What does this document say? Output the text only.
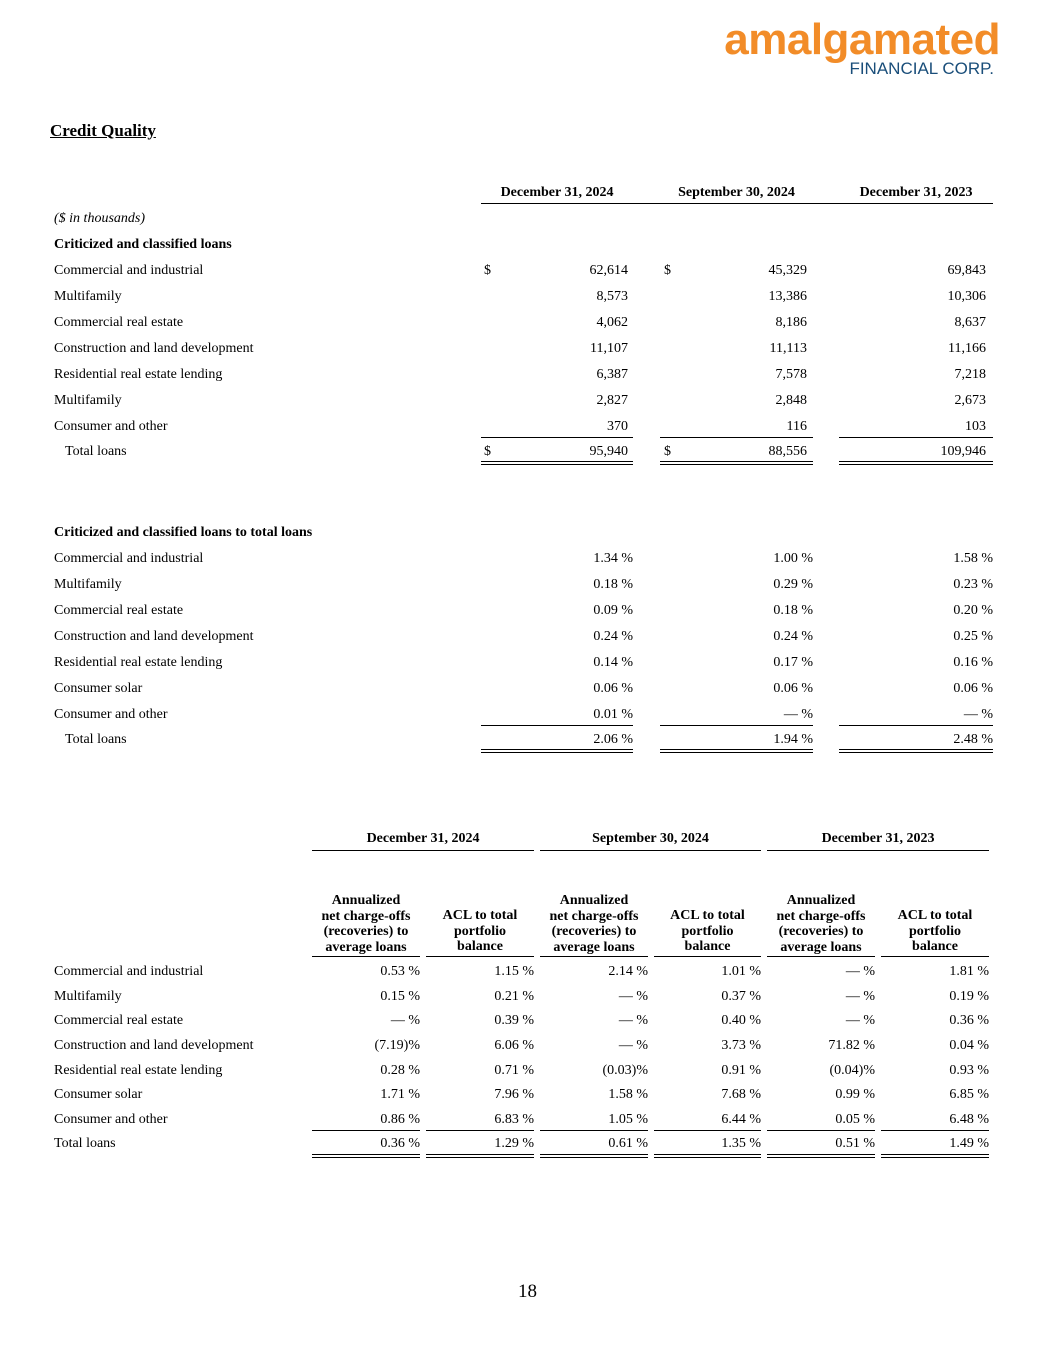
amalgamated
FINANCIAL CORP.
Credit Quality
December 31, 2024	September 30, 2024	December 31, 2023
($ in thousands)
Criticized and classified loans
Commercial and industrial	$	62,614	$	45,329	69,843
Multifamily	8,573	13,386	10,306
Commercial real estate	4,062	8,186	8,637
Construction and land development	11,107	11,113	11,166
Residential real estate lending	6,387	7,578	7,218
Multifamily	2,827	2,848	2,673
Consumer and other	370	116	103
Total loans	$	95,940	$	88,556	109,946
Criticized and classified loans to total loans
Commercial and industrial	1.34 %	1.00 %	1.58 %
Multifamily	0.18 %	0.29 %	0.23 %
Commercial real estate	0.09 %	0.18 %	0.20 %
Construction and land development	0.24 %	0.24 %	0.25 %
Residential real estate lending	0.14 %	0.17 %	0.16 %
Consumer solar	0.06 %	0.06 %	0.06 %
Consumer and other	0.01 %	— %	— %
Total loans	2.06 %	1.94 %	2.48 %
December 31, 2024	September 30, 2024	December 31, 2023
Annualized
net charge-offs
(recoveries) to
average loans
ACL to total
portfolio
balance
Annualized
net charge-offs
(recoveries) to
average loans
ACL to total
portfolio
balance
Annualized
net charge-offs
(recoveries) to
average loans
ACL to total
portfolio
balance
Commercial and industrial	0.53 %	1.15 %	2.14 %	1.01 %	— %	1.81 %
Multifamily	0.15 %	0.21 %	— %	0.37 %	— %	0.19 %
Commercial real estate	— %	0.39 %	— %	0.40 %	— %	0.36 %
Construction and land development	(7.19)%	6.06 %	— %	3.73 %	71.82 %	0.04 %
Residential real estate lending	0.28 %	0.71 %	(0.03)%	0.91 %	(0.04)%	0.93 %
Consumer solar	1.71 %	7.96 %	1.58 %	7.68 %	0.99 %	6.85 %
Consumer and other	0.86 %	6.83 %	1.05 %	6.44 %	0.05 %	6.48 %
Total loans	0.36 %	1.29 %	0.61 %	1.35 %	0.51 %	1.49 %
18
